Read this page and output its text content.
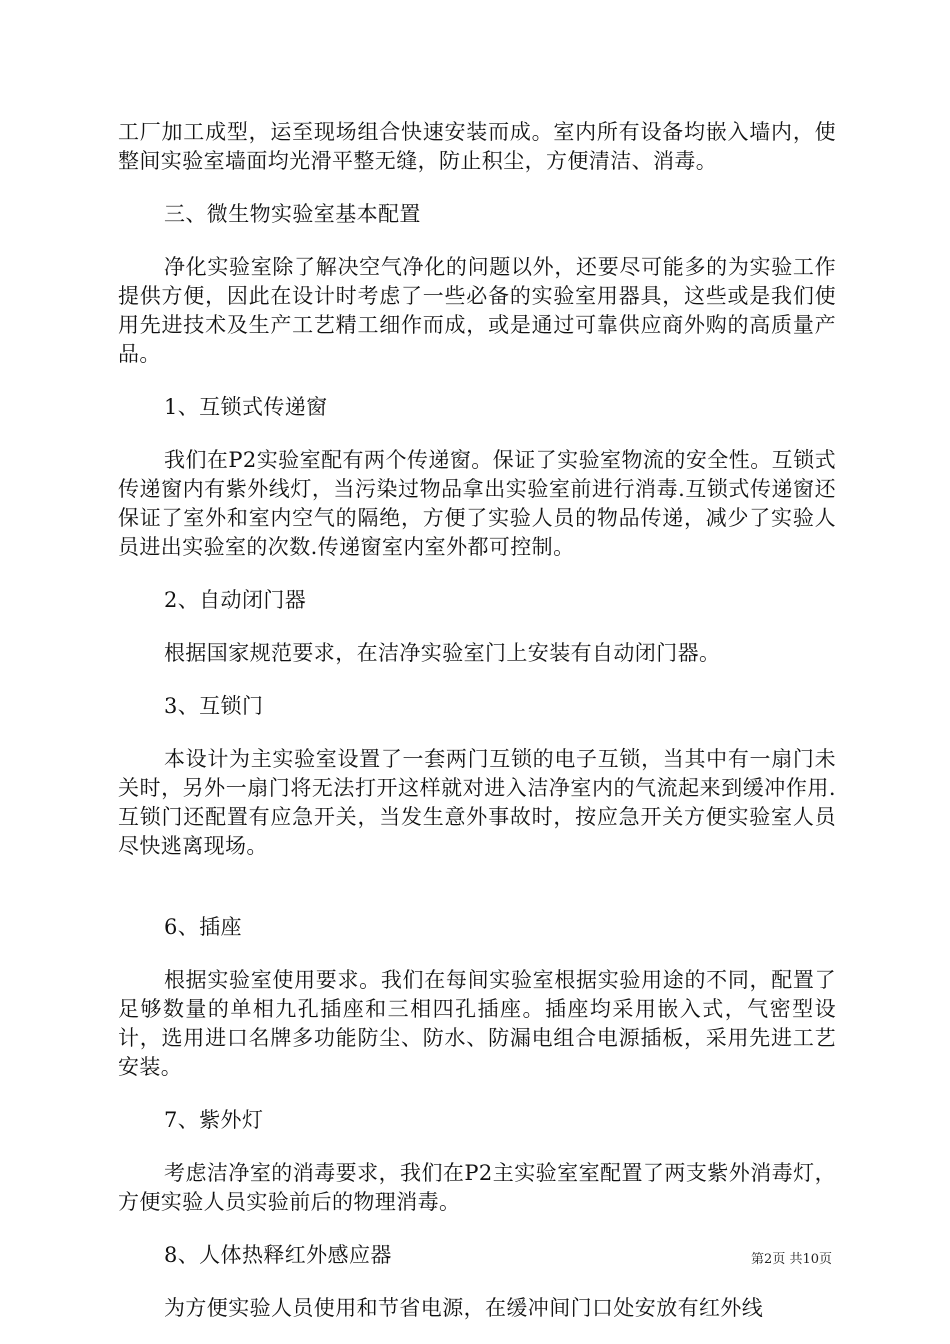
工厂加工成型，运至现场组合快速安装而成。室内所有设备均嵌入墙内，使整间实验室墙面均光滑平整无缝，防止积尘，方便清洁、消毒。

三、微生物实验室基本配置

净化实验室除了解决空气净化的问题以外，还要尽可能多的为实验工作提供方便，因此在设计时考虑了一些必备的实验室用器具，这些或是我们使用先进技术及生产工艺精工细作而成，或是通过可靠供应商外购的高质量产品。

1、互锁式传递窗

我们在P2实验室配有两个传递窗。保证了实验室物流的安全性。互锁式传递窗内有紫外线灯，当污染过物品拿出实验室前进行消毒.互锁式传递窗还保证了室外和室内空气的隔绝，方便了实验人员的物品传递，减少了实验人员进出实验室的次数.传递窗室内室外都可控制。

2、自动闭门器

根据国家规范要求，在洁净实验室门上安装有自动闭门器。

3、互锁门

本设计为主实验室设置了一套两门互锁的电子互锁，当其中有一扇门未关时，另外一扇门将无法打开这样就对进入洁净室内的气流起来到缓冲作用.互锁门还配置有应急开关，当发生意外事故时，按应急开关方便实验室人员尽快逃离现场。

6、插座

根据实验室使用要求。我们在每间实验室根据实验用途的不同，配置了足够数量的单相九孔插座和三相四孔插座。插座均采用嵌入式，气密型设计，选用进口名牌多功能防尘、防水、防漏电组合电源插板，采用先进工艺安装。

7、紫外灯

考虑洁净室的消毒要求，我们在P2主实验室室配置了两支紫外消毒灯，方便实验人员实验前后的物理消毒。

8、人体热释红外感应器

为方便实验人员使用和节省电源，在缓冲间门口处安放有红外线

第2页 共10页
